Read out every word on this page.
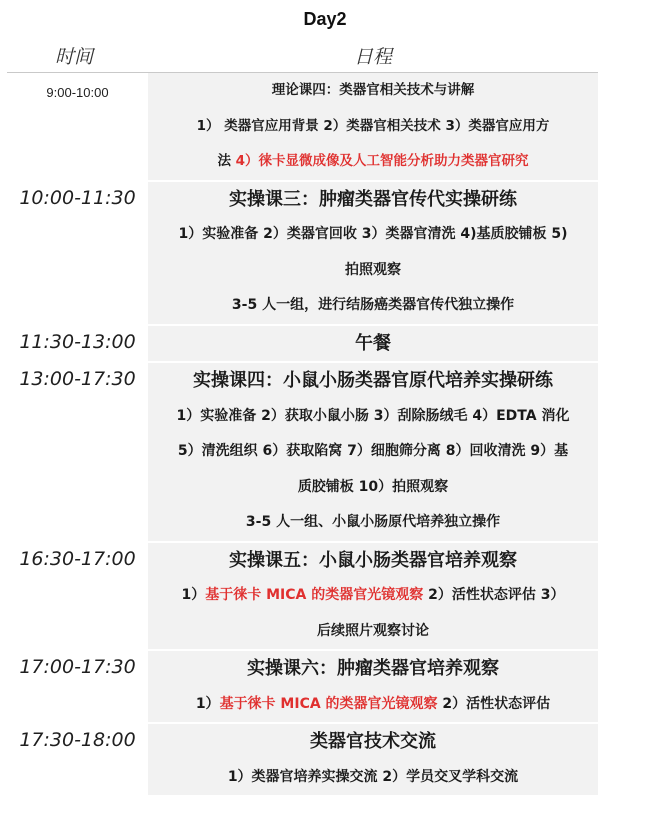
Day2
时间	日程
9:00-10:00	理论课四：类器官相关技术与讲解
1） 类器官应用背景 2）类器官相关技术 3）类器官应用方
法 4）徕卡显微成像及人工智能分析助力类器官研究
10:00-11:30	实操课三：肿瘤类器官传代实操研练
1）实验准备 2）类器官回收 3）类器官清洗 4)基质胶铺板 5)
拍照观察
3-5 人一组，进行结肠癌类器官传代独立操作
11:30-13:00	午餐
13:00-17:30	实操课四：小鼠小肠类器官原代培养实操研练
1）实验准备 2）获取小鼠小肠 3）刮除肠绒毛 4）EDTA 消化
5）清洗组织 6）获取陷窝 7）细胞筛分离 8）回收清洗 9）基
质胶铺板 10）拍照观察
3-5 人一组、小鼠小肠原代培养独立操作
16:30-17:00	实操课五：小鼠小肠类器官培养观察
1）基于徕卡 MICA 的类器官光镜观察 2）活性状态评估 3）
后续照片观察讨论
17:00-17:30	实操课六：肿瘤类器官培养观察
1）基于徕卡 MICA 的类器官光镜观察 2）活性状态评估
17:30-18:00	类器官技术交流
1）类器官培养实操交流 2）学员交叉学科交流
